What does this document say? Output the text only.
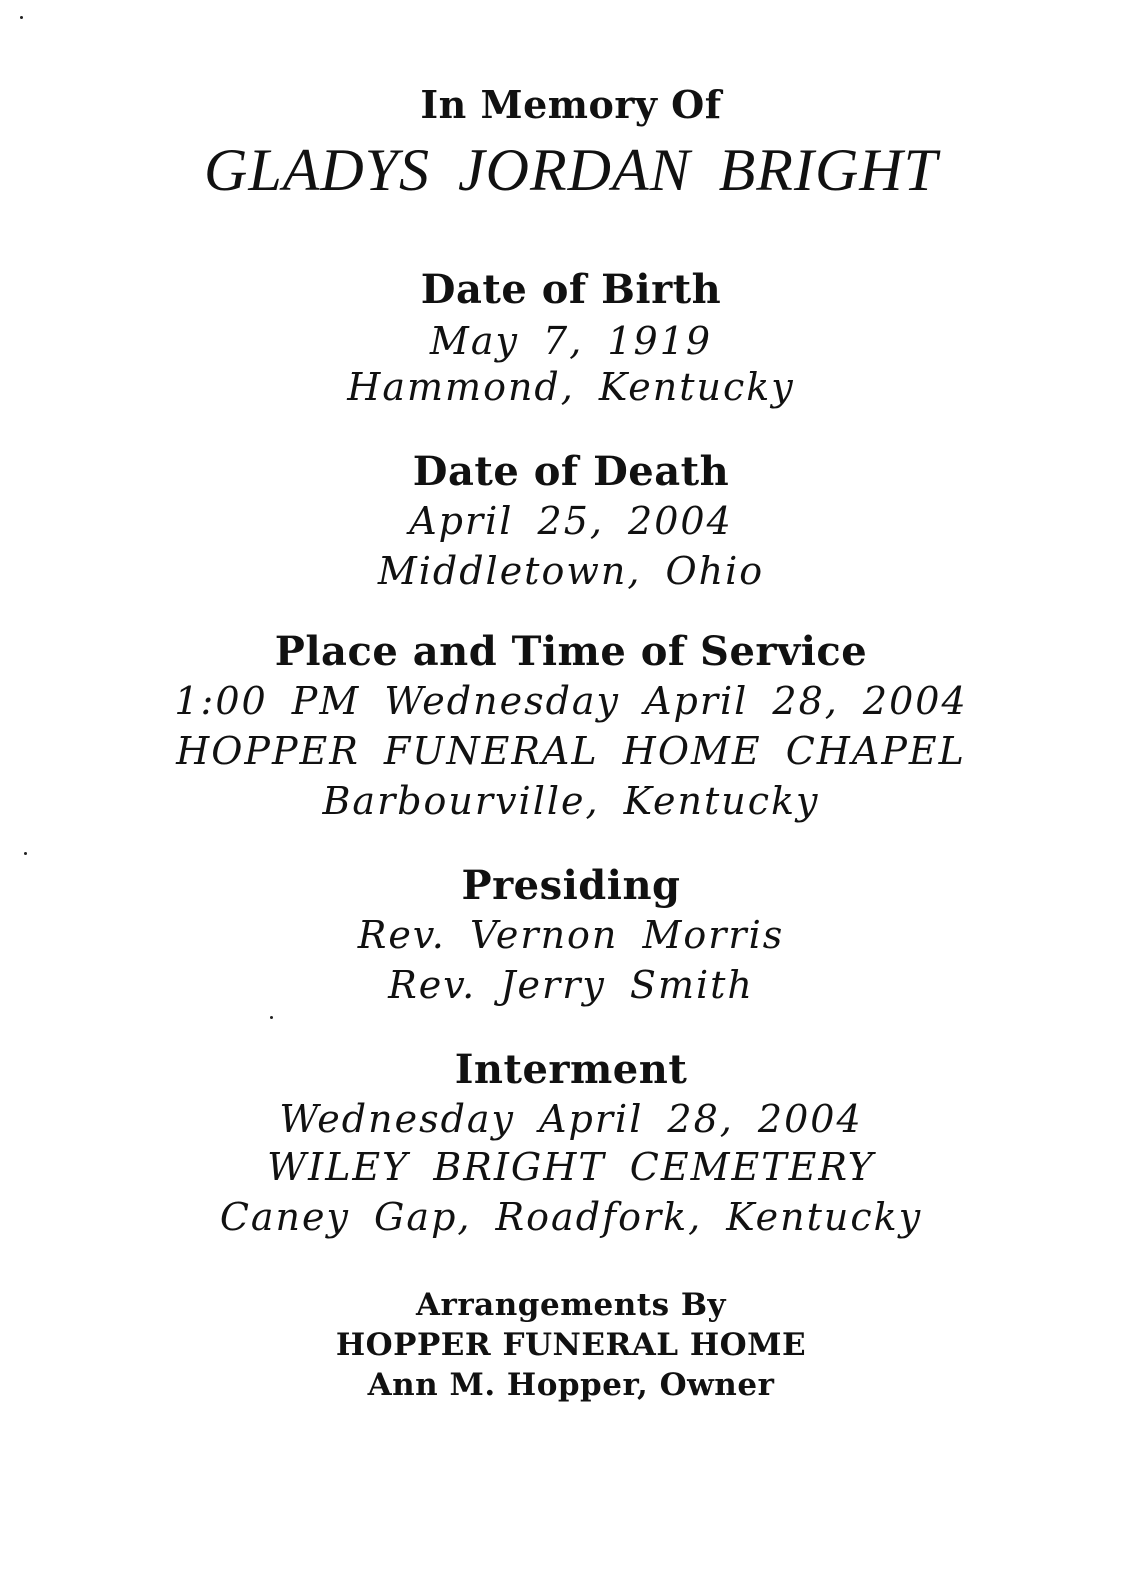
In Memory Of
GLADYS JORDAN BRIGHT
Date of Birth
May 7, 1919
Hammond, Kentucky
Date of Death
April 25, 2004
Middletown, Ohio
Place and Time of Service
1:00 PM Wednesday April 28, 2004
HOPPER FUNERAL HOME CHAPEL
Barbourville, Kentucky
Presiding
Rev. Vernon Morris
Rev. Jerry Smith
Interment
Wednesday April 28, 2004
WILEY BRIGHT CEMETERY
Caney Gap, Roadfork, Kentucky
Arrangements By
HOPPER FUNERAL HOME
Ann M. Hopper, Owner
